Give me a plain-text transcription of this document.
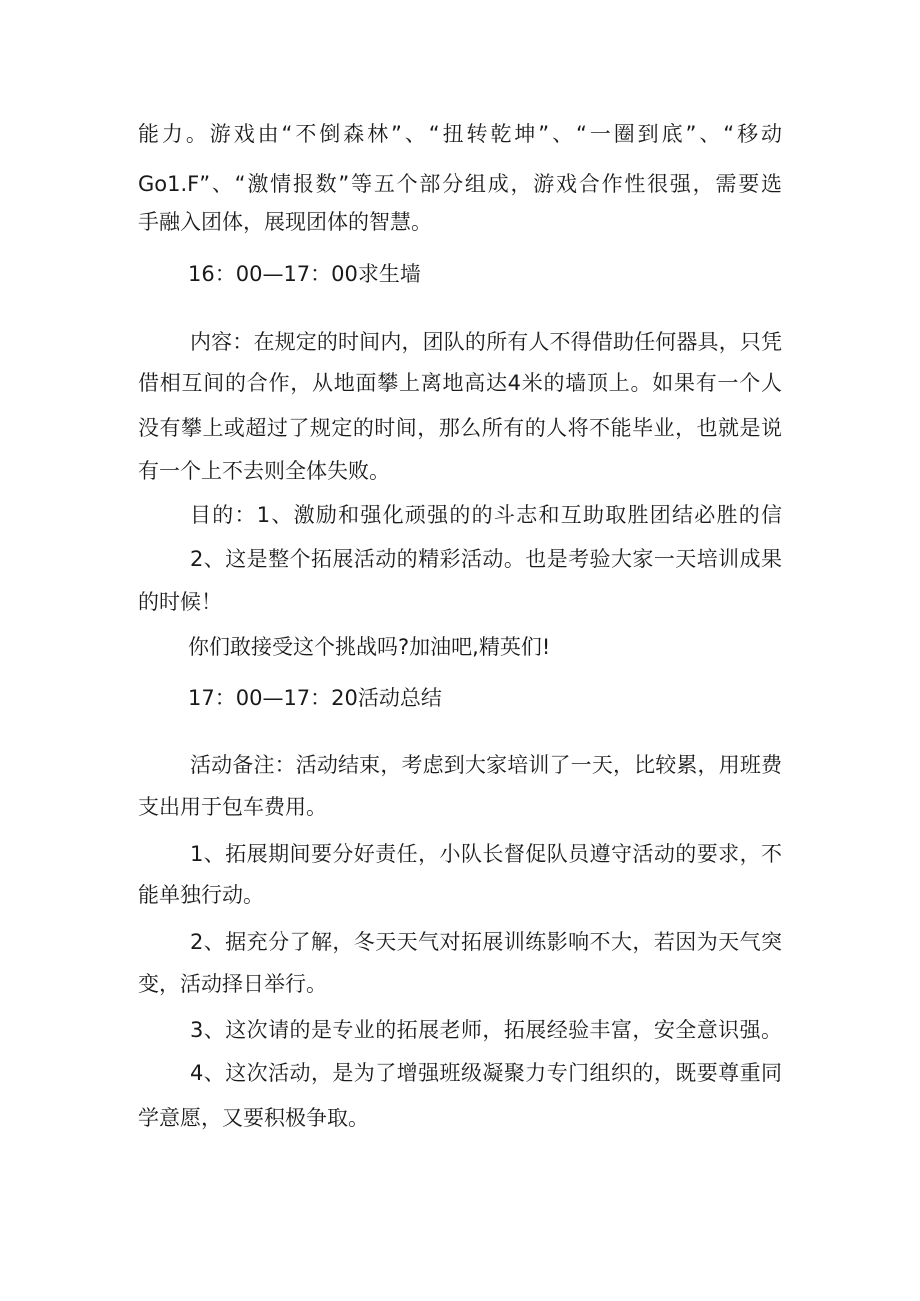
能力。游戏由“不倒森林”、“扭转乾坤”、“一圈到底”、“移动
Go1.F”、“激情报数”等五个部分组成，游戏合作性很强，需要选
手融入团体，展现团体的智慧。
16：00—17：00求生墙
内容：在规定的时间内，团队的所有人不得借助任何器具，只凭
借相互间的合作，从地面攀上离地高达4米的墙顶上。如果有一个人
没有攀上或超过了规定的时间，那么所有的人将不能毕业，也就是说
有一个上不去则全体失败。
目的：1、激励和强化顽强的的斗志和互助取胜团结必胜的信
2、这是整个拓展活动的精彩活动。也是考验大家一天培训成果
的时候！
你们敢接受这个挑战吗?加油吧,精英们!
17：00—17：20活动总结
活动备注：活动结束，考虑到大家培训了一天，比较累，用班费
支出用于包车费用。
1、拓展期间要分好责任，小队长督促队员遵守活动的要求，不
能单独行动。
2、据充分了解，冬天天气对拓展训练影响不大，若因为天气突
变，活动择日举行。
3、这次请的是专业的拓展老师，拓展经验丰富，安全意识强。
4、这次活动，是为了增强班级凝聚力专门组织的，既要尊重同
学意愿，又要积极争取。
